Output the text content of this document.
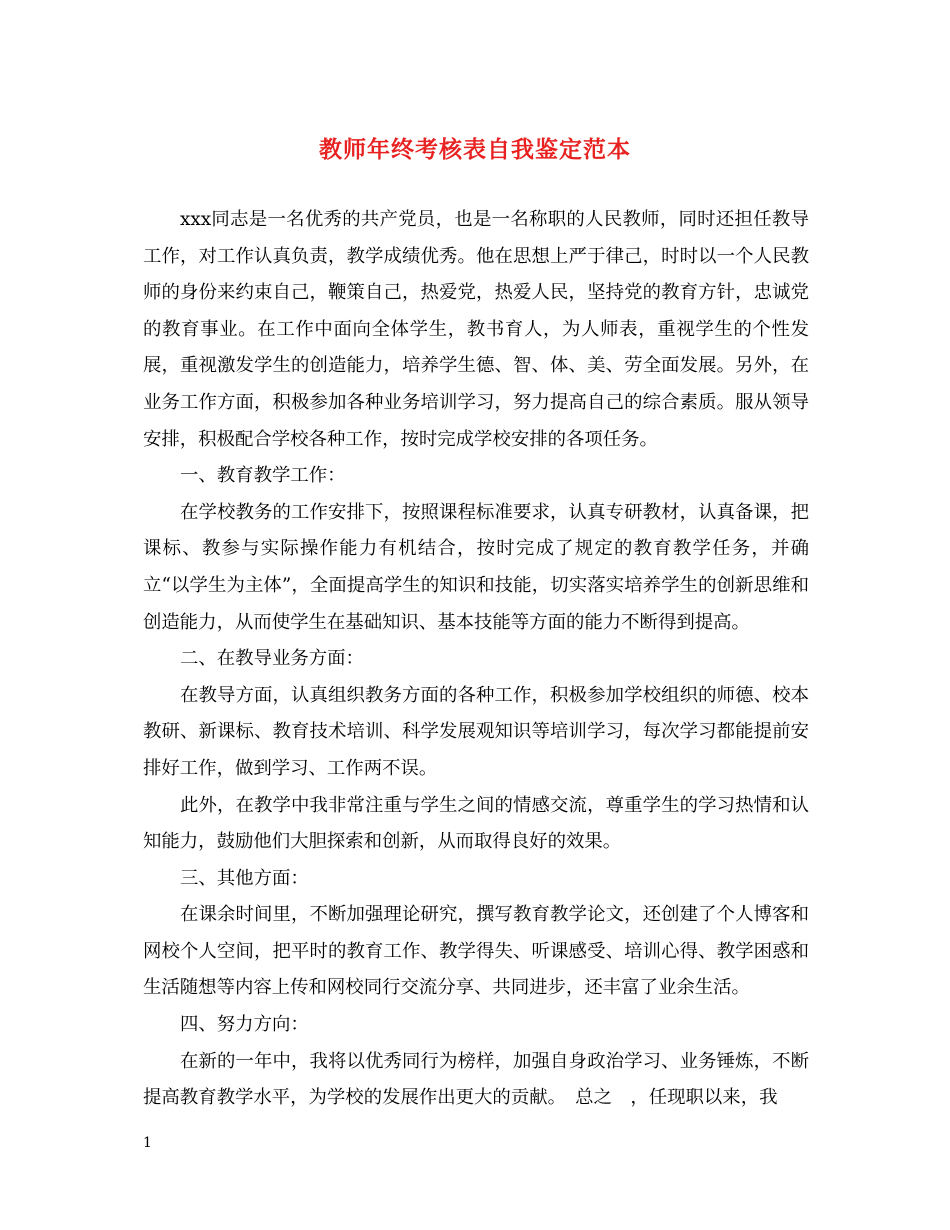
教师年终考核表自我鉴定范本

xxx同志是一名优秀的共产党员，也是一名称职的人民教师，同时还担任教导工作，对工作认真负责，教学成绩优秀。他在思想上严于律己，时时以一个人民教师的身份来约束自己，鞭策自己，热爱党，热爱人民，坚持党的教育方针，忠诚党的教育事业。在工作中面向全体学生，教书育人，为人师表，重视学生的个性发展，重视激发学生的创造能力，培养学生德、智、体、美、劳全面发展。另外，在业务工作方面，积极参加各种业务培训学习，努力提高自己的综合素质。服从领导安排，积极配合学校各种工作，按时完成学校安排的各项任务。

一、教育教学工作：

在学校教务的工作安排下，按照课程标准要求，认真专研教材，认真备课，把课标、教参与实际操作能力有机结合，按时完成了规定的教育教学任务，并确立“以学生为主体”，全面提高学生的知识和技能，切实落实培养学生的创新思维和创造能力，从而使学生在基础知识、基本技能等方面的能力不断得到提高。

二、在教导业务方面：

在教导方面，认真组织教务方面的各种工作，积极参加学校组织的师德、校本教研、新课标、教育技术培训、科学发展观知识等培训学习，每次学习都能提前安排好工作，做到学习、工作两不误。

此外，在教学中我非常注重与学生之间的情感交流，尊重学生的学习热情和认知能力，鼓励他们大胆探索和创新，从而取得良好的效果。

三、其他方面：

在课余时间里，不断加强理论研究，撰写教育教学论文，还创建了个人博客和网校个人空间，把平时的教育工作、教学得失、听课感受、培训心得、教学困惑和生活随想等内容上传和网校同行交流分享、共同进步，还丰富了业余生活。

四、努力方向：

在新的一年中，我将以优秀同行为榜样，加强自身政治学习、业务锤炼，不断提高教育教学水平，为学校的发展作出更大的贡献。　总之　，任现职以来，我

1
